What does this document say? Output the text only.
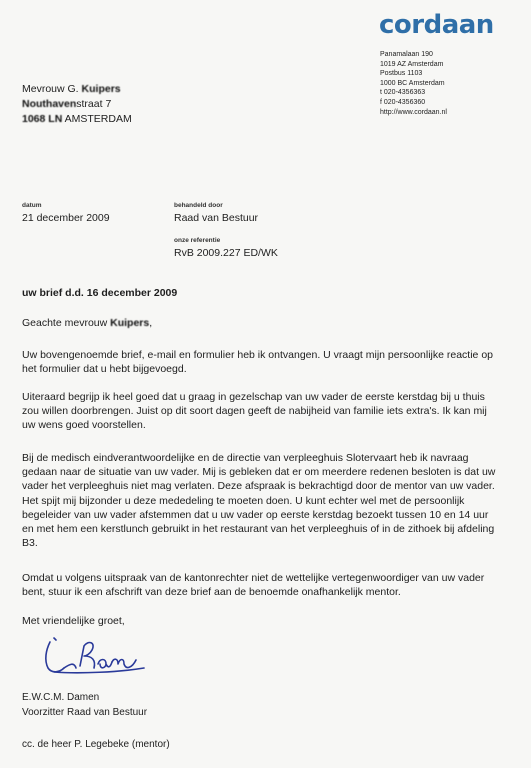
cordaan
Panamalaan 190
1019 AZ Amsterdam
Postbus 1103
1000 BC Amsterdam
t 020-4356363
f 020-4356360
http://www.cordaan.nl
Mevrouw G. Kuipers
Nouthavenstraat 7
1068 LN AMSTERDAM
datum
21 december 2009
behandeld door
Raad van Bestuur
onze referentie
RvB 2009.227 ED/WK
uw brief d.d. 16 december 2009
Geachte mevrouw Kuipers,
Uw bovengenoemde brief, e-mail en formulier heb ik ontvangen. U vraagt mijn persoonlijke reactie op
het formulier dat u hebt bijgevoegd.
Uiteraard begrijp ik heel goed dat u graag in gezelschap van uw vader de eerste kerstdag bij u thuis
zou willen doorbrengen. Juist op dit soort dagen geeft de nabijheid van familie iets extra's. Ik kan mij
uw wens goed voorstellen.
Bij de medisch eindverantwoordelijke en de directie van verpleeghuis Slotervaart heb ik navraag
gedaan naar de situatie van uw vader. Mij is gebleken dat er om meerdere redenen besloten is dat uw
vader het verpleeghuis niet mag verlaten. Deze afspraak is bekrachtigd door de mentor van uw vader.
Het spijt mij bijzonder u deze mededeling te moeten doen. U kunt echter wel met de persoonlijk
begeleider van uw vader afstemmen dat u uw vader op eerste kerstdag bezoekt tussen 10 en 14 uur
en met hem een kerstlunch gebruikt in het restaurant van het verpleeghuis of in de zithoek bij afdeling
B3.
Omdat u volgens uitspraak van de kantonrechter niet de wettelijke vertegenwoordiger van uw vader
bent, stuur ik een afschrift van deze brief aan de benoemde onafhankelijk mentor.
Met vriendelijke groet,
E.W.C.M. Damen
Voorzitter Raad van Bestuur
cc. de heer P. Legebeke (mentor)
